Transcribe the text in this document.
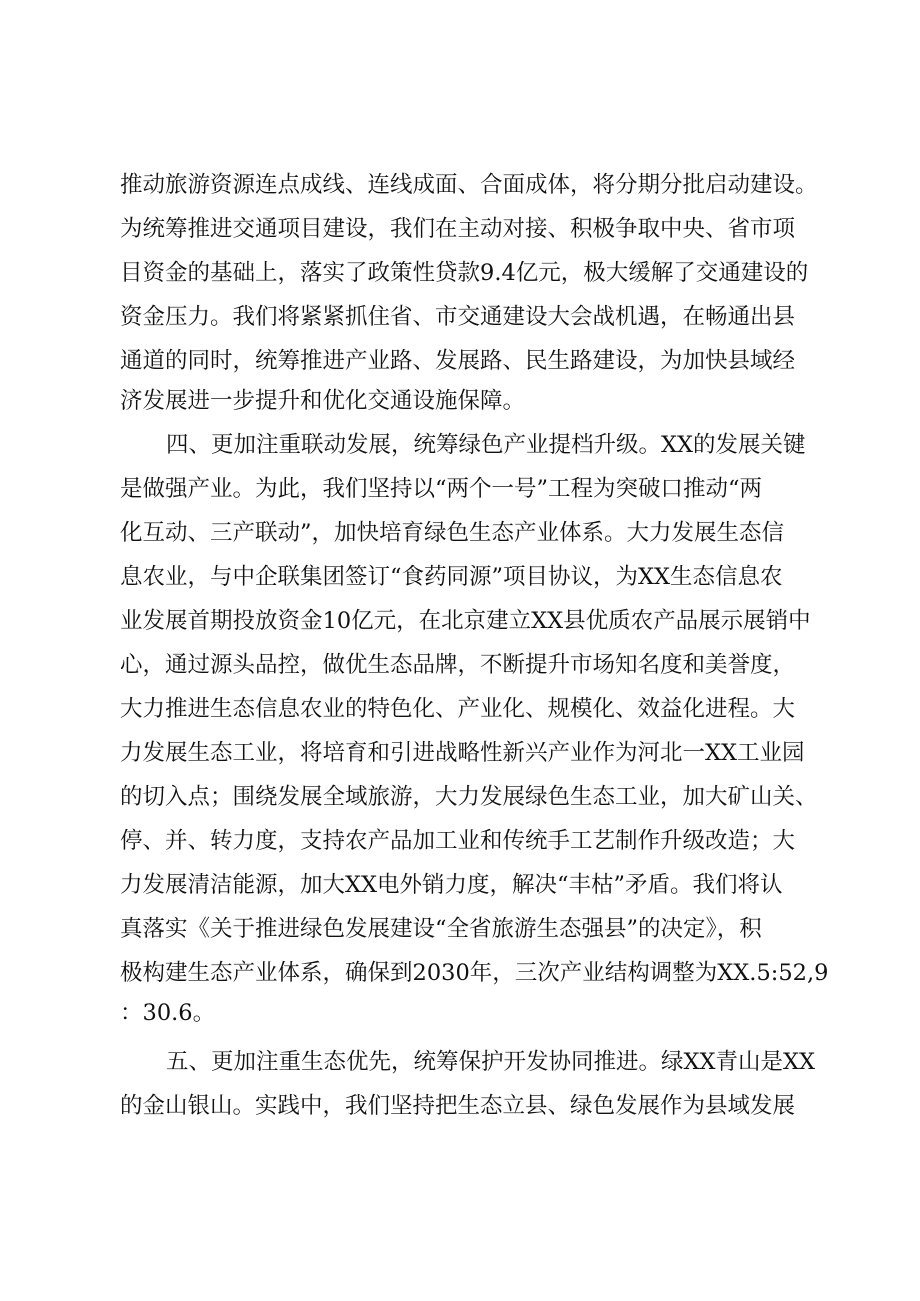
推动旅游资源连点成线、连线成面、合面成体，将分期分批启动建设。
为统筹推进交通项目建设，我们在主动对接、积极争取中央、省市项
目资金的基础上，落实了政策性贷款9.4亿元，极大缓解了交通建设的
资金压力。我们将紧紧抓住省、市交通建设大会战机遇，在畅通出县
通道的同时，统筹推进产业路、发展路、民生路建设，为加快县域经
济发展进一步提升和优化交通设施保障。
四、更加注重联动发展，统筹绿色产业提档升级。XX的发展关键
是做强产业。为此，我们坚持以“两个一号”工程为突破口推动“两
化互动、三产联动”，加快培育绿色生态产业体系。大力发展生态信
息农业，与中企联集团签订“食药同源”项目协议，为XX生态信息农
业发展首期投放资金10亿元，在北京建立XX县优质农产品展示展销中
心，通过源头品控，做优生态品牌，不断提升市场知名度和美誉度，
大力推进生态信息农业的特色化、产业化、规模化、效益化进程。大
力发展生态工业，将培育和引进战略性新兴产业作为河北一XX工业园
的切入点；围绕发展全域旅游，大力发展绿色生态工业，加大矿山关、
停、并、转力度，支持农产品加工业和传统手工艺制作升级改造；大
力发展清洁能源，加大XX电外销力度，解决“丰枯”矛盾。我们将认
真落实《关于推进绿色发展建设“全省旅游生态强县”的决定》，积
极构建生态产业体系，确保到2030年，三次产业结构调整为XX.5:52,9
：30.6。
五、更加注重生态优先，统筹保护开发协同推进。绿XX青山是XX
的金山银山。实践中，我们坚持把生态立县、绿色发展作为县域发展
